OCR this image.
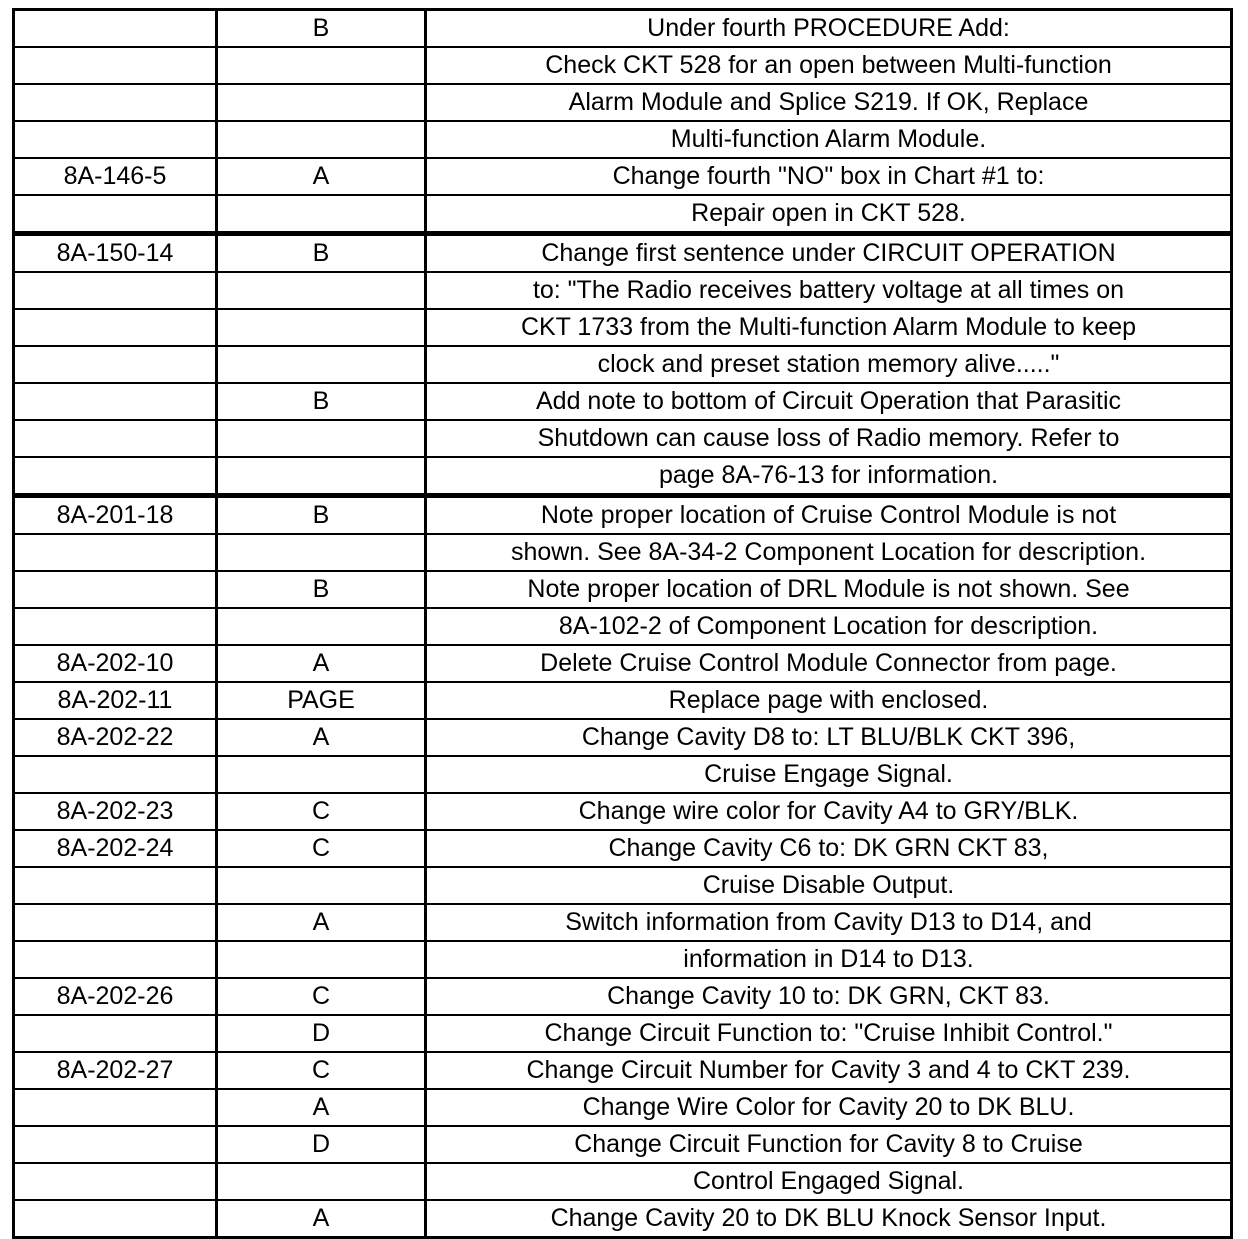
	B	Under fourth PROCEDURE Add:
		Check CKT 528 for an open between Multi-function
		Alarm Module and Splice S219. If OK, Replace
		Multi-function Alarm Module.
8A-146-5	A	Change fourth "NO" box in Chart #1 to:
		Repair open in CKT 528.
8A-150-14	B	Change first sentence under CIRCUIT OPERATION
		to: "The Radio receives battery voltage at all times on
		CKT 1733 from the Multi-function Alarm Module to keep
		clock and preset station memory alive....."
	B	Add note to bottom of Circuit Operation that Parasitic
		Shutdown can cause loss of Radio memory. Refer to
		page 8A-76-13 for information.
8A-201-18	B	Note proper location of Cruise Control Module is not
		shown. See 8A-34-2 Component Location for description.
	B	Note proper location of DRL Module is not shown. See
		8A-102-2 of Component Location for description.
8A-202-10	A	Delete Cruise Control Module Connector from page.
8A-202-11	PAGE	Replace page with enclosed.
8A-202-22	A	Change Cavity D8 to: LT BLU/BLK CKT 396,
		Cruise Engage Signal.
8A-202-23	C	Change wire color for Cavity A4 to GRY/BLK.
8A-202-24	C	Change Cavity C6 to: DK GRN CKT 83,
		Cruise Disable Output.
	A	Switch information from Cavity D13 to D14, and
		information in D14 to D13.
8A-202-26	C	Change Cavity 10 to: DK GRN, CKT 83.
	D	Change Circuit Function to: "Cruise Inhibit Control."
8A-202-27	C	Change Circuit Number for Cavity 3 and 4 to CKT 239.
	A	Change Wire Color for Cavity 20 to DK BLU.
	D	Change Circuit Function for Cavity 8 to Cruise
		Control Engaged Signal.
	A	Change Cavity 20 to DK BLU Knock Sensor Input.
